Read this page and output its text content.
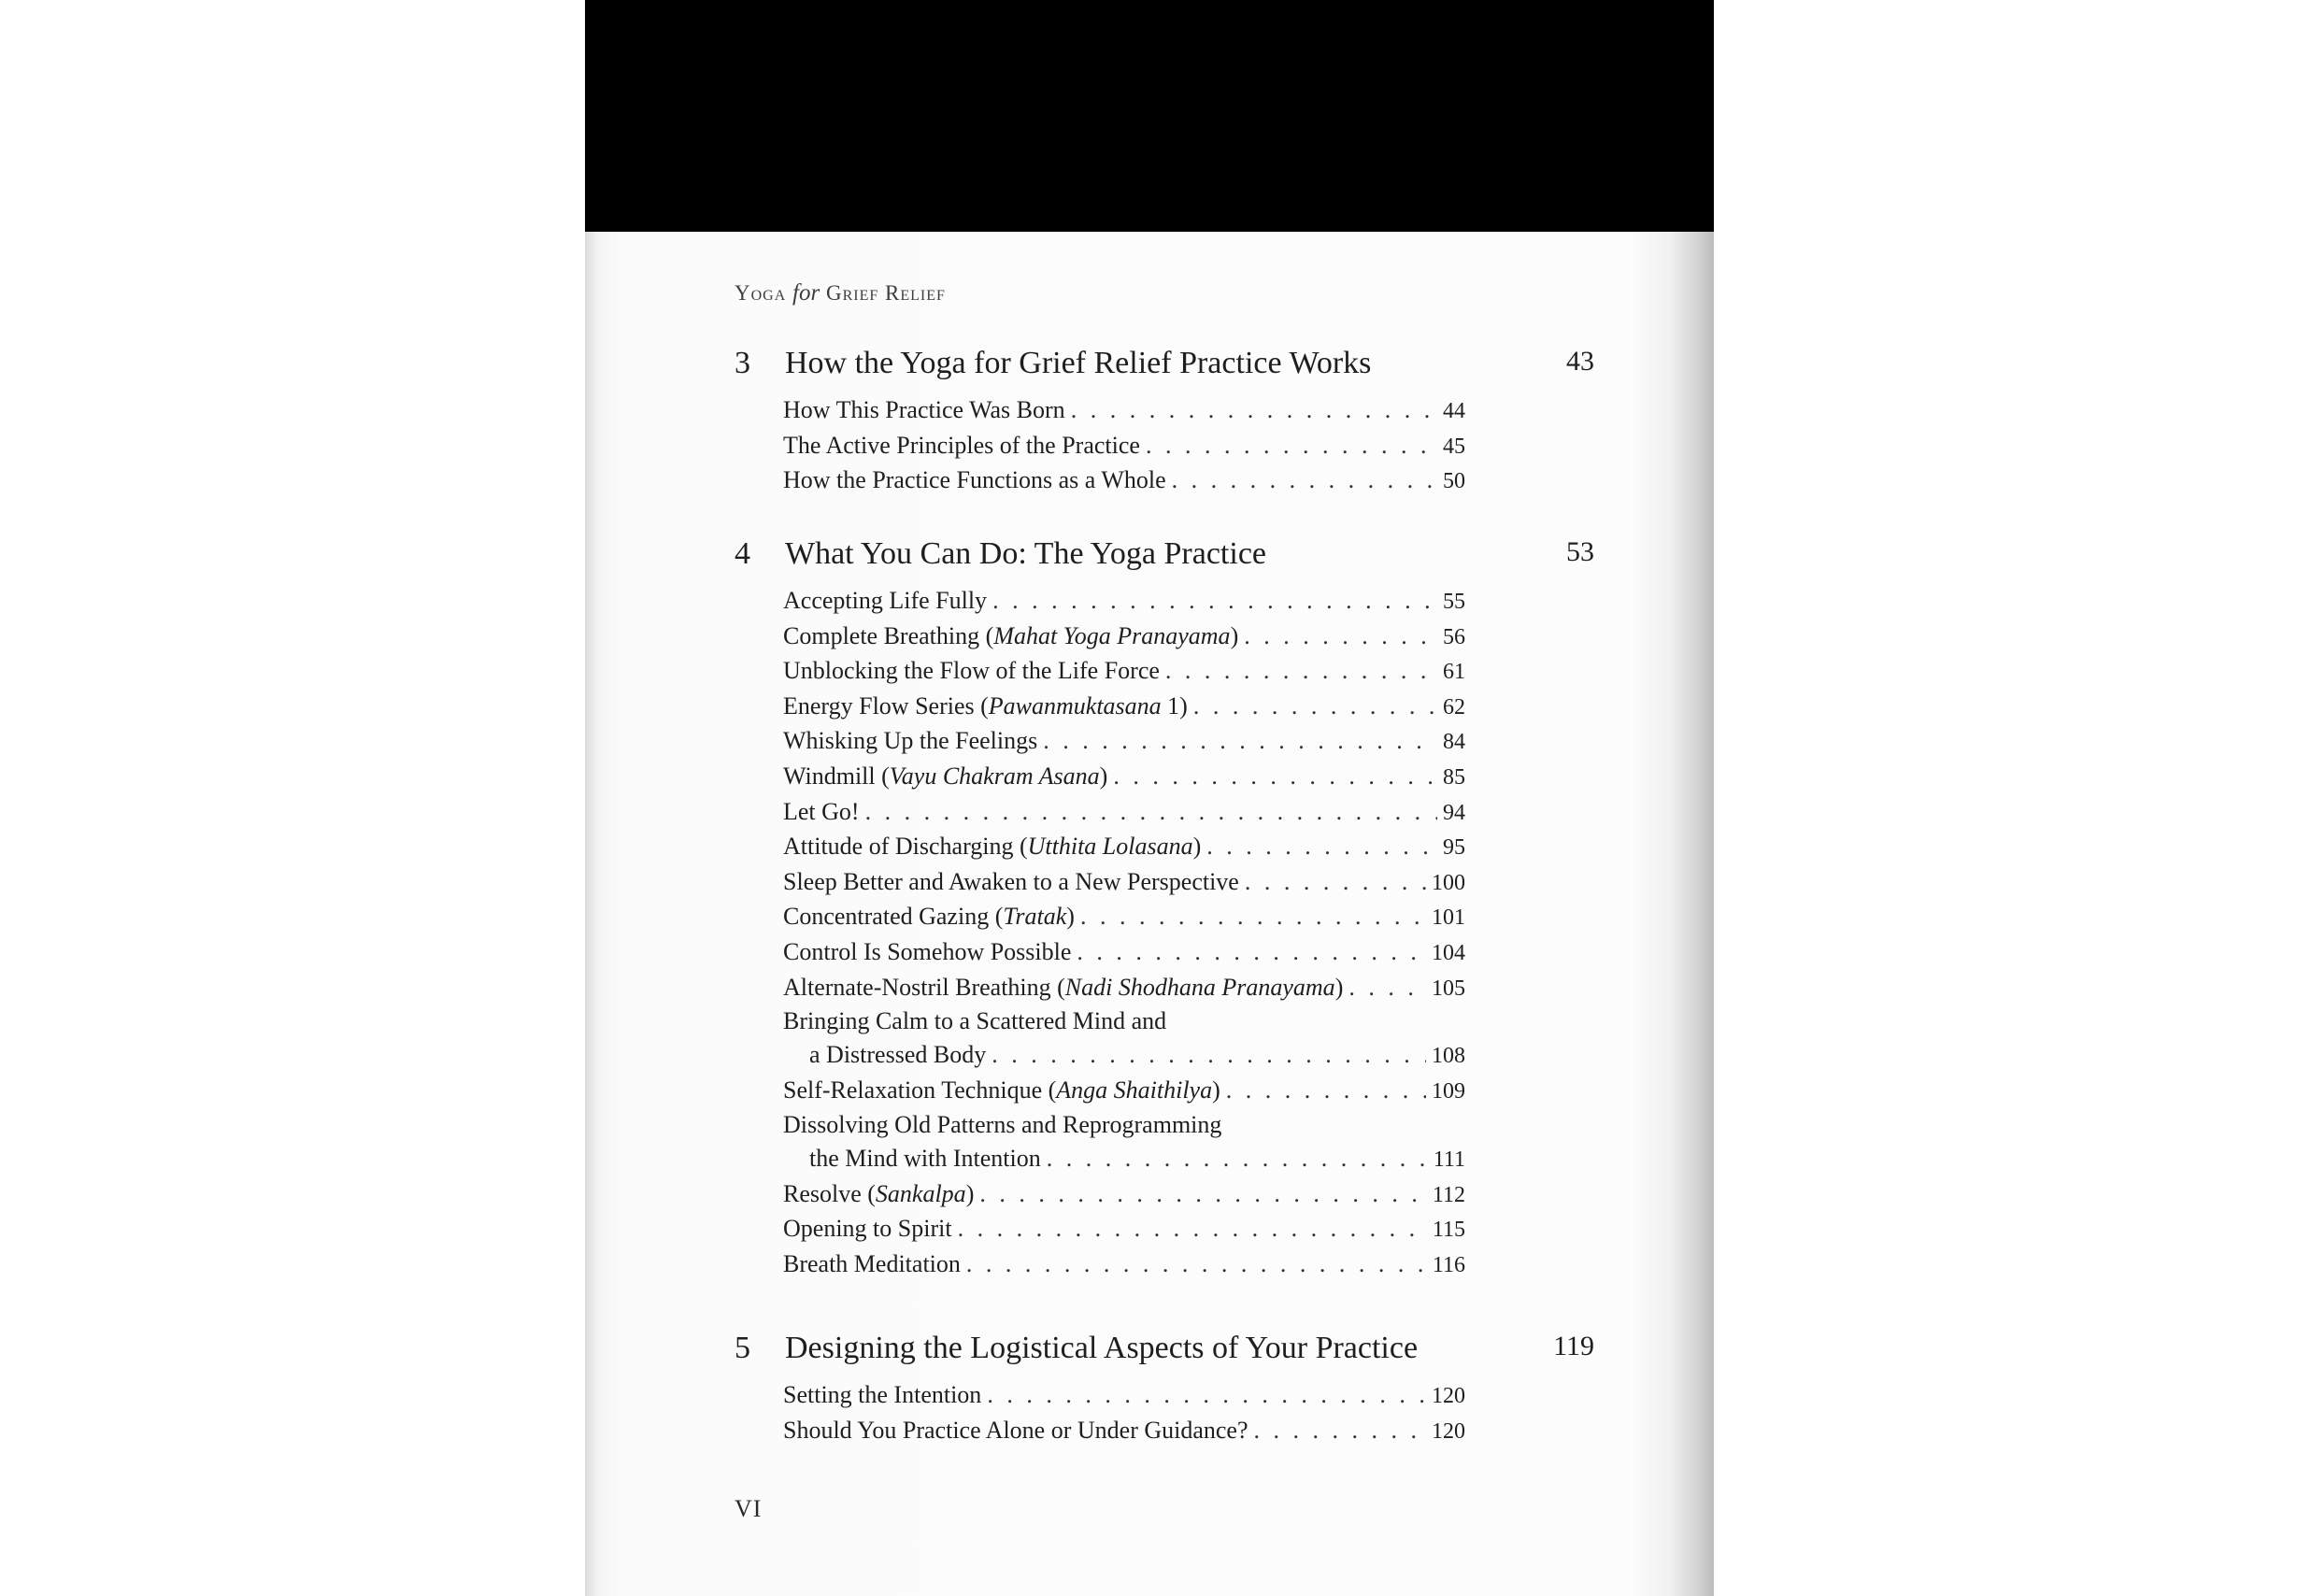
Yoga for Grief Relief
3 How the Yoga for Grief Relief Practice Works	43
How This Practice Was Born . . .	44
The Active Principles of the Practice . . .	45
How the Practice Functions as a Whole . . .	50
4 What You Can Do: The Yoga Practice	53
Accepting Life Fully . . .	55
Complete Breathing (Mahat Yoga Pranayama) . . .	56
Unblocking the Flow of the Life Force . . .	61
Energy Flow Series (Pawanmuktasana 1) . . .	62
Whisking Up the Feelings . . .	84
Windmill (Vayu Chakram Asana) . . .	85
Let Go! . . .	94
Attitude of Discharging (Utthita Lolasana) . . .	95
Sleep Better and Awaken to a New Perspective . . .	100
Concentrated Gazing (Tratak) . . .	101
Control Is Somehow Possible . . .	104
Alternate-Nostril Breathing (Nadi Shodhana Pranayama) . . .	105
Bringing Calm to a Scattered Mind and
a Distressed Body . . .	108
Self-Relaxation Technique (Anga Shaithilya) . . .	109
Dissolving Old Patterns and Reprogramming
the Mind with Intention . . .	111
Resolve (Sankalpa) . . .	112
Opening to Spirit . . .	115
Breath Meditation . . .	116
5 Designing the Logistical Aspects of Your Practice	119
Setting the Intention . . .	120
Should You Practice Alone or Under Guidance? . . .	120
VI
